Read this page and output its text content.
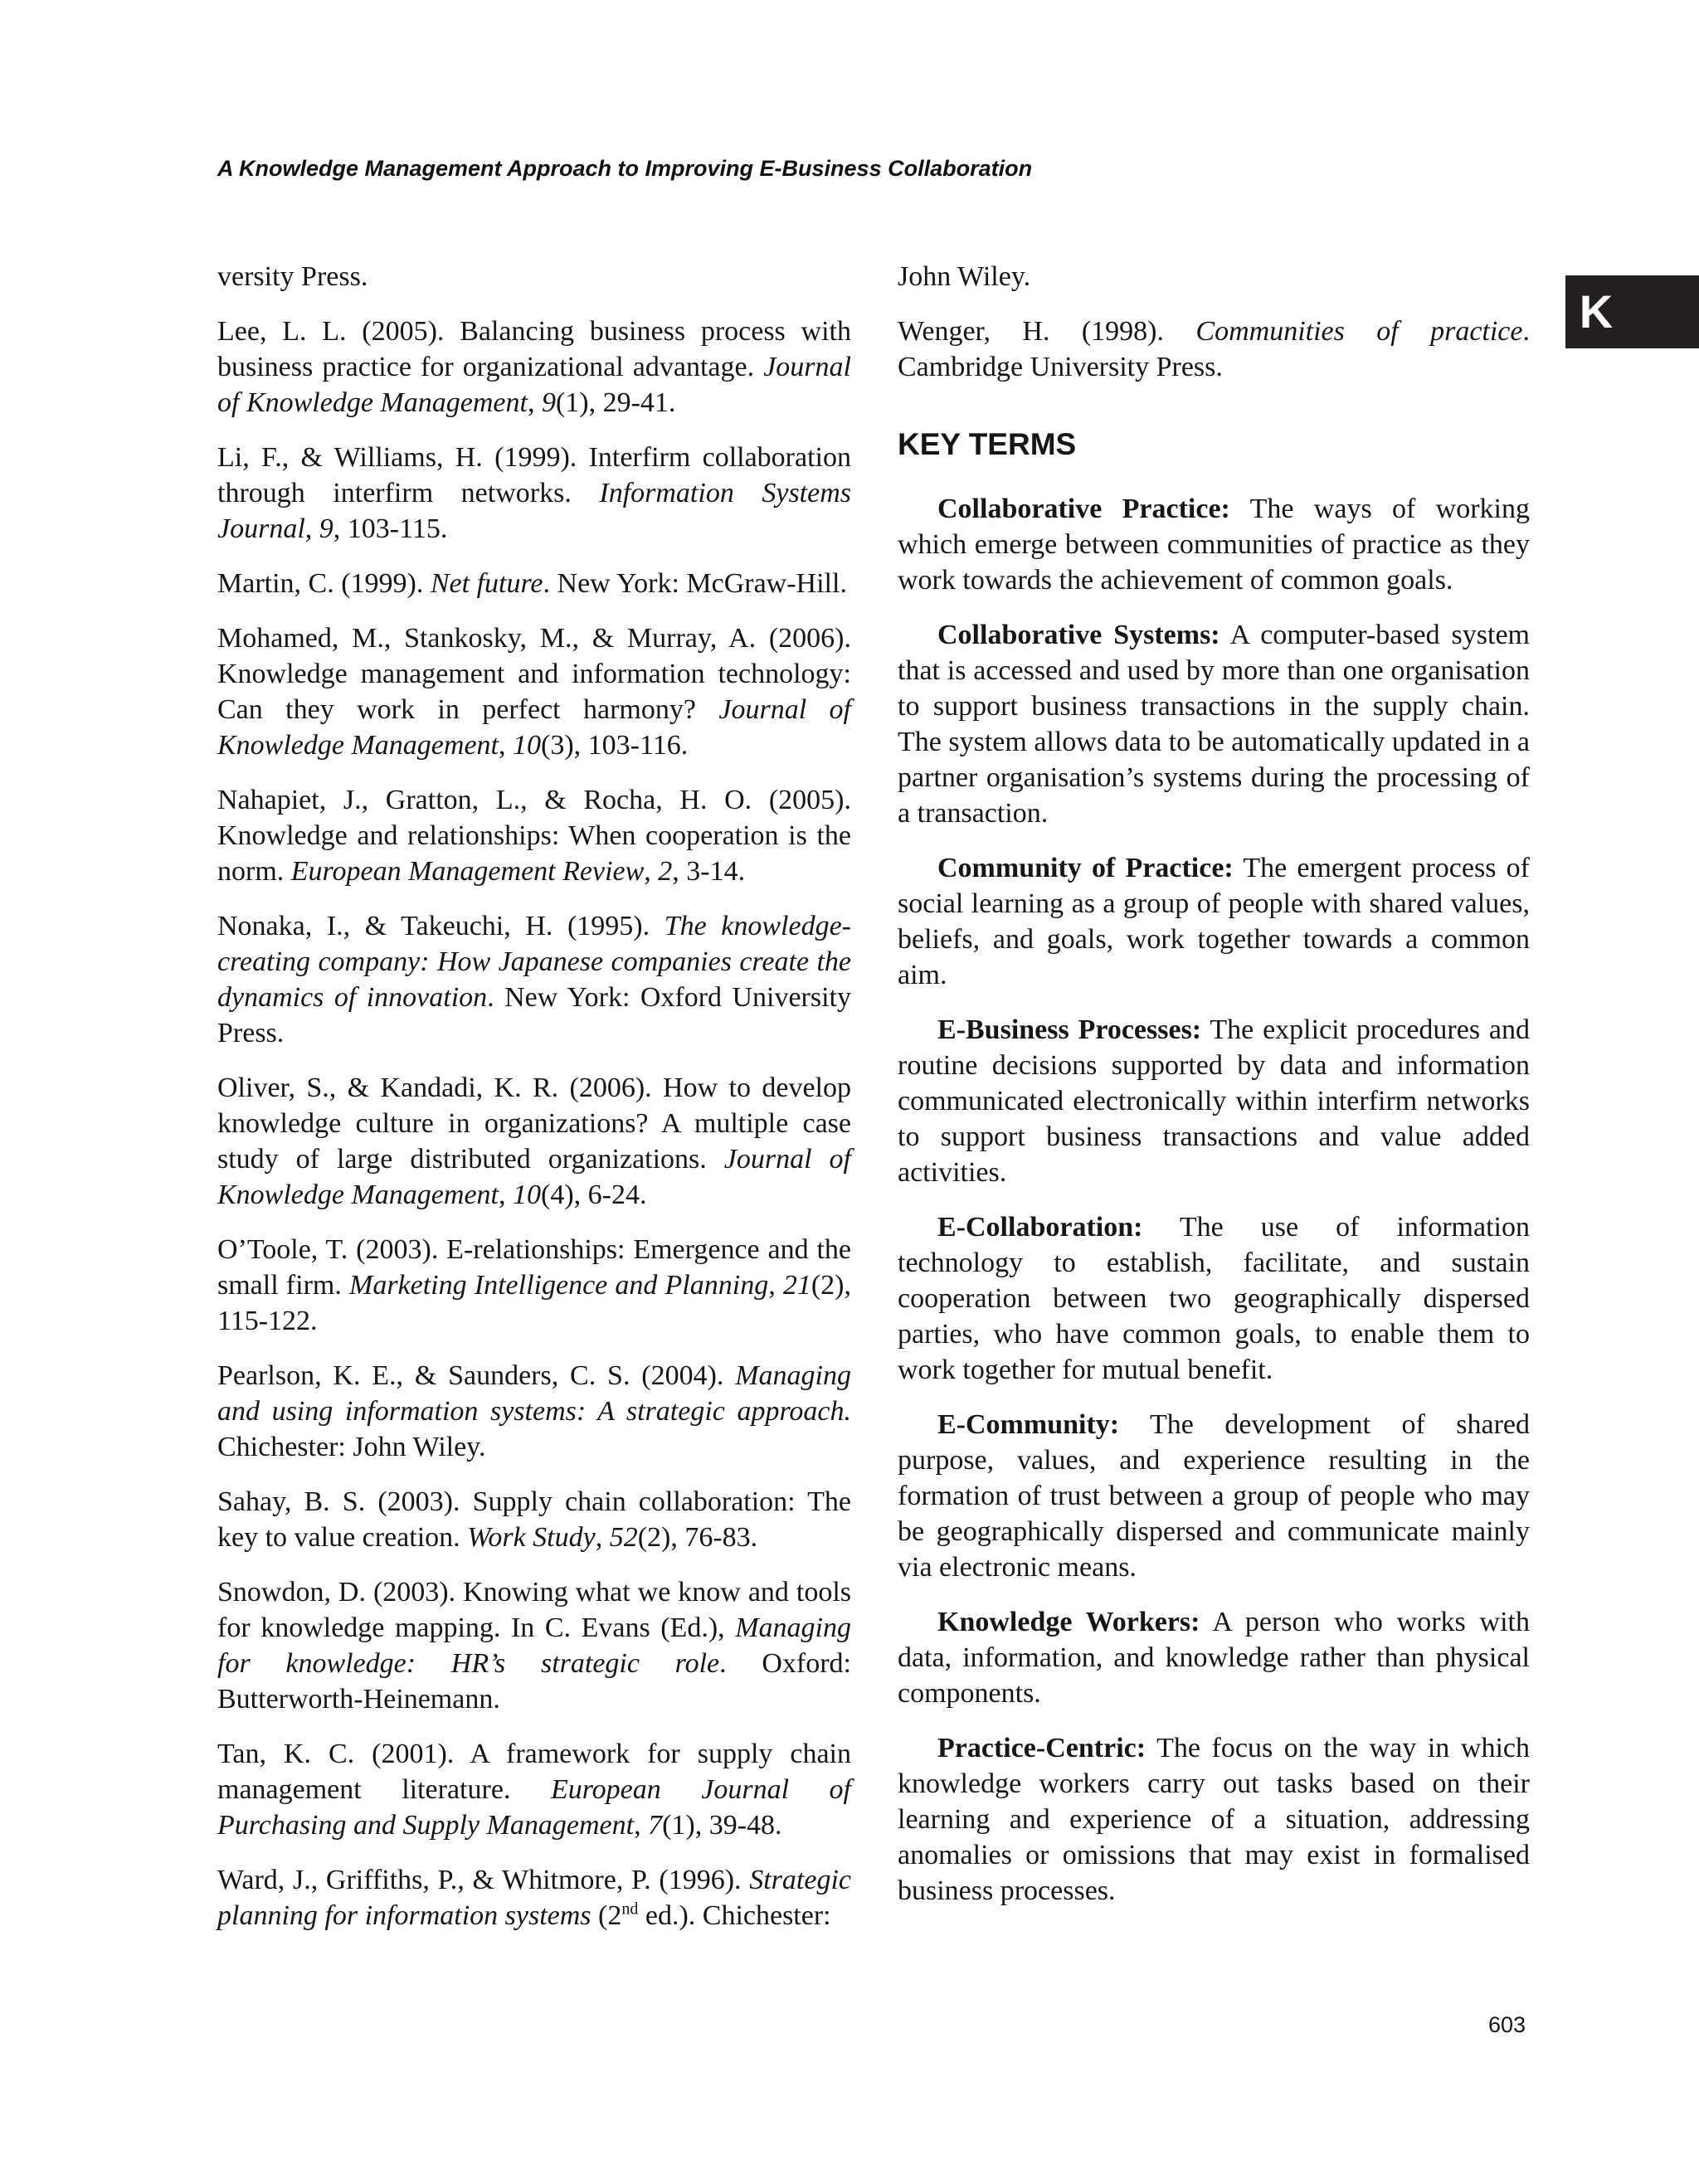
A Knowledge Management Approach to Improving E-Business Collaboration
K

versity Press.

Lee, L. L. (2005). Balancing business process with business practice for organizational advantage. Journal of Knowledge Management, 9(1), 29-41.

Li, F., & Williams, H. (1999). Interfirm collaboration through interfirm networks. Information Systems Journal, 9, 103-115.

Martin, C. (1999). Net future. New York: McGraw-Hill.

Mohamed, M., Stankosky, M., & Murray, A. (2006). Knowledge management and information technology: Can they work in perfect harmony? Journal of Knowledge Management, 10(3), 103-116.

Nahapiet, J., Gratton, L., & Rocha, H. O. (2005). Knowledge and relationships: When cooperation is the norm. European Management Review, 2, 3-14.

Nonaka, I., & Takeuchi, H. (1995). The knowledge-creating company: How Japanese companies create the dynamics of innovation. New York: Oxford University Press.

Oliver, S., & Kandadi, K. R. (2006). How to develop knowledge culture in organizations? A multiple case study of large distributed organizations. Journal of Knowledge Management, 10(4), 6-24.

O’Toole, T. (2003). E-relationships: Emergence and the small firm. Marketing Intelligence and Planning, 21(2), 115-122.

Pearlson, K. E., & Saunders, C. S. (2004). Managing and using information systems: A strategic approach. Chichester: John Wiley.

Sahay, B. S. (2003). Supply chain collaboration: The key to value creation. Work Study, 52(2), 76-83.

Snowdon, D. (2003). Knowing what we know and tools for knowledge mapping. In C. Evans (Ed.), Managing for knowledge: HR’s strategic role. Oxford: Butterworth-Heinemann.

Tan, K. C. (2001). A framework for supply chain management literature. European Journal of Purchasing and Supply Management, 7(1), 39-48.

Ward, J., Griffiths, P., & Whitmore, P. (1996). Strategic planning for information systems (2nd ed.). Chichester:

John Wiley.

Wenger, H. (1998). Communities of practice. Cambridge University Press.

KEY TERMS

Collaborative Practice: The ways of working which emerge between communities of practice as they work towards the achievement of common goals.

Collaborative Systems: A computer-based system that is accessed and used by more than one organisation to support business transactions in the supply chain. The system allows data to be automatically updated in a partner organisation’s systems during the processing of a transaction.

Community of Practice: The emergent process of social learning as a group of people with shared values, beliefs, and goals, work together towards a common aim.

E-Business Processes: The explicit procedures and routine decisions supported by data and information communicated electronically within interfirm networks to support business transactions and value added activities.

E-Collaboration: The use of information technology to establish, facilitate, and sustain cooperation between two geographically dispersed parties, who have common goals, to enable them to work together for mutual benefit.

E-Community: The development of shared purpose, values, and experience resulting in the formation of trust between a group of people who may be geographically dispersed and communicate mainly via electronic means.

Knowledge Workers: A person who works with data, information, and knowledge rather than physical components.

Practice-Centric: The focus on the way in which knowledge workers carry out tasks based on their learning and experience of a situation, addressing anomalies or omissions that may exist in formalised business processes.

603
